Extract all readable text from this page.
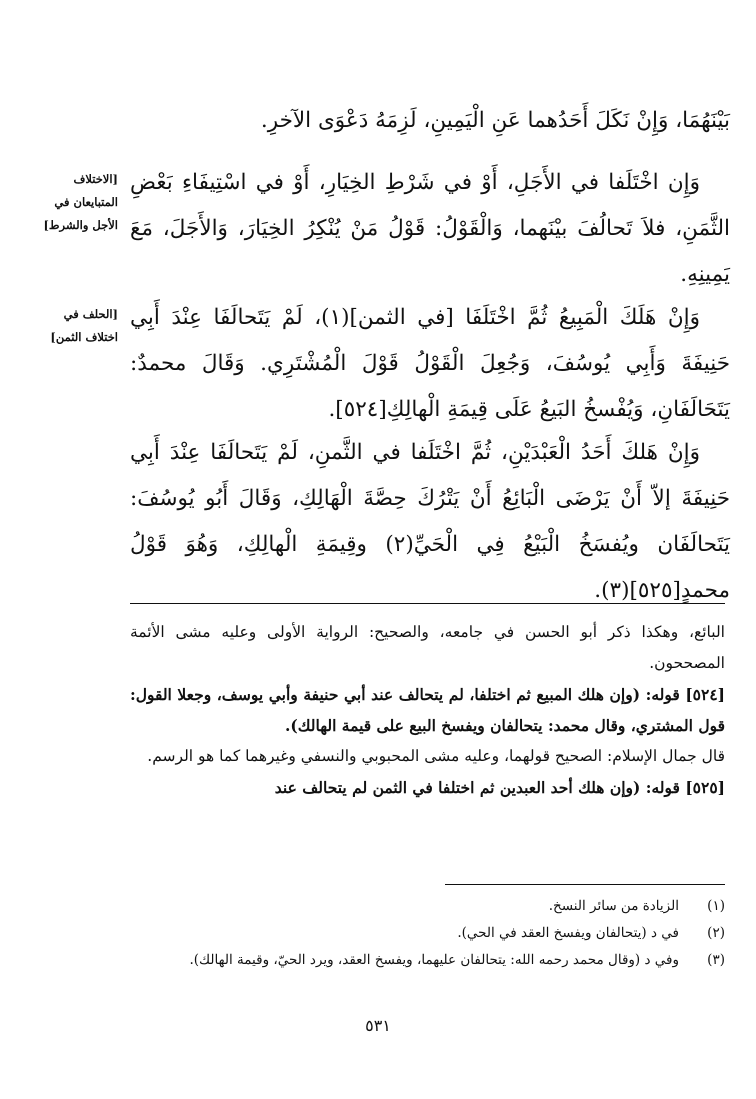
بَيْنَهُمَا، وَإِنْ نَكَلَ أَحَدُهما عَنِ الْيَمِينِ، لَزِمَهُ دَعْوَى الآخرِ.

وَإِن اخْتَلَفا في الأَجَلِ، أَوْ في شَرْطِ الخِيَارِ، أَوْ في اسْتِيفَاءِ بَعْضِ الثَّمَنِ، فلاَ تَحالُفَ بيْنَهما، وَالْقَوْلُ: قَوْلُ مَنْ يُنْكِرُ الخِيَارَ، وَالأَجَلَ، مَعَ يَمِينِهِ.

وَإِنْ هَلَكَ الْمَبِيعُ ثُمَّ اخْتَلَفَا [في الثمن](١)، لَمْ يَتَحالَفَا عِنْدَ أَبِي حَنِيفَةَ وَأَبِي يُوسُفَ، وَجُعِلَ الْقَوْلُ قَوْلَ الْمُشْتَرِي. وَقَالَ محمدٌ: يَتَحَالَفَانِ، وَيُفْسخُ البَيعُ عَلَى قِيمَةِ الْهالِكِ[٥٢٤].

وَإِنْ هَلكَ أَحَدُ الْعَبْدَيْنِ، ثُمَّ اخْتَلَفا في الثَّمنِ، لَمْ يَتَحالَفَا عِنْدَ أَبِي حَنِيفَةَ إلاّ أَنْ يَرْضَى الْبَائِعُ أَنْ يَتْرُكَ حِصَّةَ الْهَالِكِ، وَقَالَ أَبُو يُوسُفَ: يَتَحالَفَان ويُفسَخُ الْبَيْعُ فِي الْحَيِّ(٢) وقِيمَةِ الْهالِكِ، وَهُوَ قَوْلُ محمدٍ[٥٢٥](٣).

[الاختلاف المتبايعان في الأجل والشرط]
[الحلف في اختلاف الثمن]

البائع، وهكذا ذكر أبو الحسن في جامعه، والصحيح: الرواية الأولى وعليه مشى الأئمة المصححون.

[٥٢٤] قوله: (وإن هلك المبيع ثم اختلفا، لم يتحالف عند أبي حنيفة وأبي يوسف، وجعلا القول: قول المشتري، وقال محمد: يتحالفان ويفسخ البيع على قيمة الهالك).

قال جمال الإسلام: الصحيح قولهما، وعليه مشى المحبوبي والنسفي وغيرهما كما هو الرسم.

[٥٢٥] قوله: (وإن هلك أحد العبدين ثم اختلفا في الثمن لم يتحالف عند

(١)
الزيادة من سائر النسخ.
(٢)
في د (يتحالفان ويفسخ العقد في الحي).
(٣)
وفي د (وقال محمد رحمه الله: يتحالفان عليهما، ويفسخ العقد، ويرد الحيّ، وقيمة الهالك).
٥٣١
